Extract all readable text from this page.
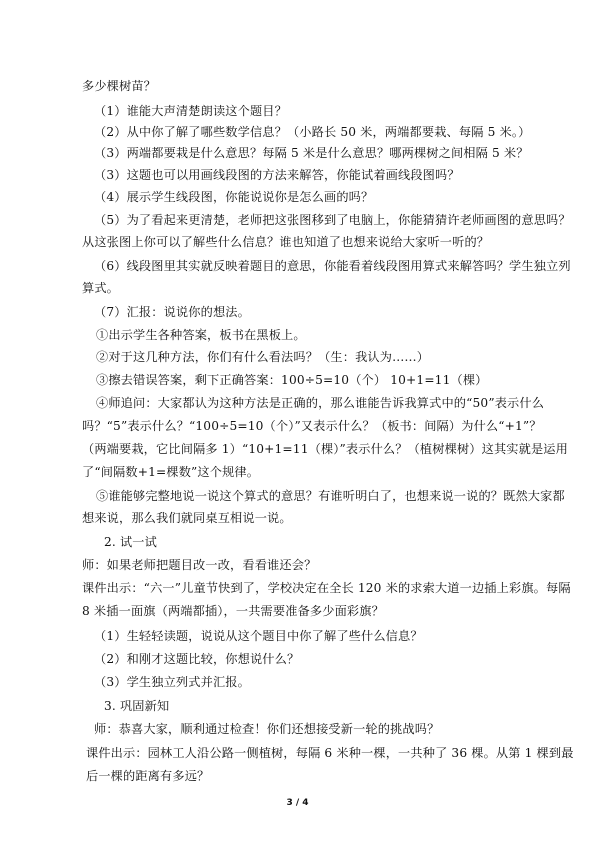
多少棵树苗？
（1）谁能大声清楚朗读这个题目？
（2）从中你了解了哪些数学信息？（小路长 50 米，两端都要栽、每隔 5 米。）
（3）两端都要栽是什么意思？每隔 5 米是什么意思？哪两棵树之间相隔 5 米？
（3）这题也可以用画线段图的方法来解答，你能试着画线段图吗？
（4）展示学生线段图，你能说说你是怎么画的吗？
（5）为了看起来更清楚，老师把这张图移到了电脑上，你能猜猜许老师画图的意思吗？
从这张图上你可以了解些什么信息？谁也知道了也想来说给大家听一听的？
（6）线段图里其实就反映着题目的意思，你能看着线段图用算式来解答吗？学生独立列
算式。
（7）汇报：说说你的想法。
①出示学生各种答案，板书在黑板上。
②对于这几种方法，你们有什么看法吗？（生：我认为……）
③擦去错误答案，剩下正确答案：100÷5=10（个） 10+1=11（棵）
④师追问：大家都认为这种方法是正确的，那么谁能告诉我算式中的“50”表示什么
吗？“5”表示什么？“100÷5=10（个）”又表示什么？（板书：间隔）为什么“+1”？
（两端要栽，它比间隔多 1）“10+1=11（棵）”表示什么？（植树棵树）这其实就是运用
了“间隔数+1=棵数”这个规律。
⑤谁能够完整地说一说这个算式的意思？有谁听明白了，也想来说一说的？既然大家都
想来说，那么我们就同桌互相说一说。
2. 试一试
师：如果老师把题目改一改，看看谁还会？
课件出示：“六一”儿童节快到了，学校决定在全长 120 米的求索大道一边插上彩旗。每隔
8 米插一面旗（两端都插），一共需要准备多少面彩旗？
（1）生轻轻读题，说说从这个题目中你了解了些什么信息？
（2）和刚才这题比较，你想说什么？
（3）学生独立列式并汇报。
3. 巩固新知
师：恭喜大家，顺利通过检查！你们还想接受新一轮的挑战吗？
课件出示：园林工人沿公路一侧植树，每隔 6 米种一棵，一共种了 36 棵。从第 1 棵到最
后一棵的距离有多远？
3 / 4
